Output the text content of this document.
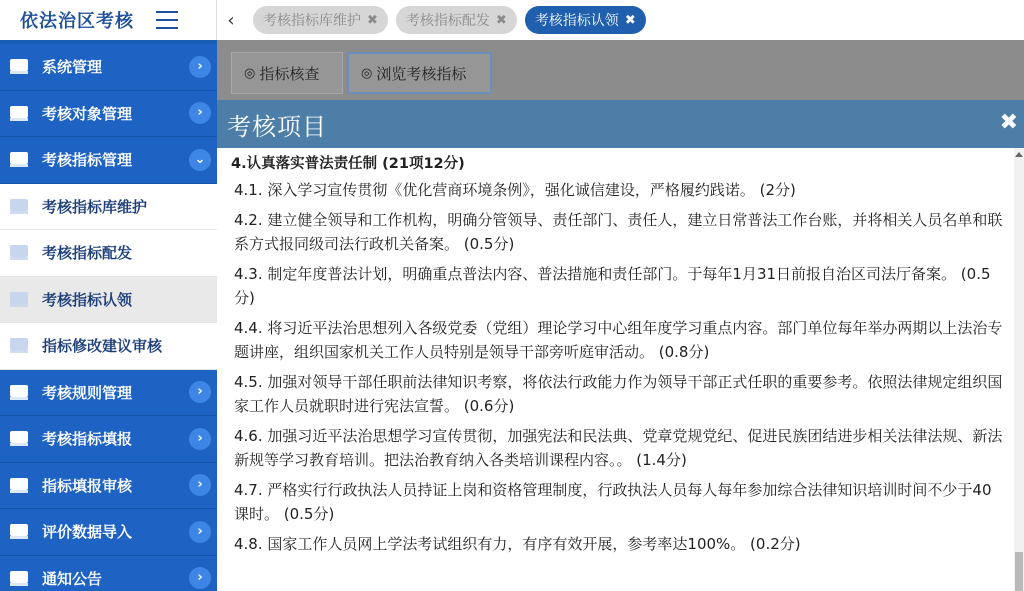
依法治区考核
系统管理	›
考核对象管理	›
考核指标管理	⌄
考核指标库维护
考核指标配发
考核指标认领
指标修改建议审核
考核规则管理	›
考核指标填报	›
指标填报审核	›
评价数据导入	›
通知公告	›
‹	考核指标库维护 ✖ 考核指标配发 ✖ 考核指标认领 ✖
◎ 指标核查	◎ 浏览考核指标
考核项目	✖
4.认真落实普法责任制 (21项12分)
4.1. 深入学习宣传贯彻《优化营商环境条例》，强化诚信建设，严格履约践诺。 (2分)
4.2. 建立健全领导和工作机构，明确分管领导、责任部门、责任人，建立日常普法工作台账，并将相关人员名单和联系方式报同级司法行政机关备案。 (0.5分)
4.3. 制定年度普法计划，明确重点普法内容、普法措施和责任部门。于每年1月31日前报自治区司法厅备案。 (0.5分)
4.4. 将习近平法治思想列入各级党委（党组）理论学习中心组年度学习重点内容。部门单位每年举办两期以上法治专题讲座，组织国家机关工作人员特别是领导干部旁听庭审活动。 (0.8分)
4.5. 加强对领导干部任职前法律知识考察，将依法行政能力作为领导干部正式任职的重要参考。依照法律规定组织国家工作人员就职时进行宪法宣誓。 (0.6分)
4.6. 加强习近平法治思想学习宣传贯彻，加强宪法和民法典、党章党规党纪、促进民族团结进步相关法律法规、新法新规等学习教育培训。把法治教育纳入各类培训课程内容。。 (1.4分)
4.7. 严格实行行政执法人员持证上岗和资格管理制度，行政执法人员每人每年参加综合法律知识培训时间不少于40课时。 (0.5分)
4.8. 国家工作人员网上学法考试组织有力，有序有效开展，参考率达100%。 (0.2分)
